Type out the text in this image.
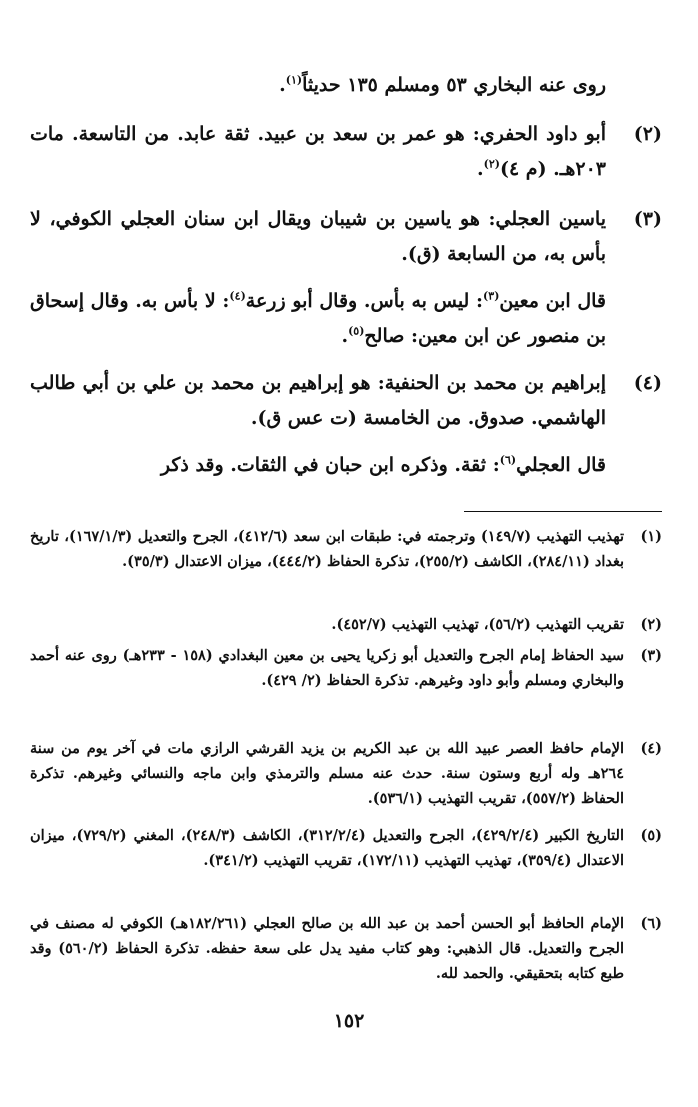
روى عنه البخاري ٥٣ ومسلم ١٣٥ حديثاً$^{(١)}$.
(٢)
أبو داود الحفري: هو عمر بن سعد بن عبيد. ثقة عابد. من التاسعة. مات ٢٠٣هـ. (م ٤)$^{(٢)}$.
(٣)
ياسين العجلي: هو ياسين بن شيبان ويقال ابن سنان العجلي الكوفي، لا بأس به، من السابعة (ق).
قال ابن معين$^{(٣)}$: ليس به بأس. وقال أبو زرعة$^{(٤)}$: لا بأس به. وقال إسحاق بن منصور عن ابن معين: صالح$^{(٥)}$.
(٤)
إبراهيم بن محمد بن الحنفية: هو إبراهيم بن محمد بن علي بن أبي طالب الهاشمي. صدوق. من الخامسة (ت عس ق).
قال العجلي$^{(٦)}$: ثقة. وذكره ابن حبان في الثقات. وقد ذكر
(١)
تهذيب التهذيب (١٤٩/٧) وترجمته في: طبقات ابن سعد (٤١٢/٦)، الجرح والتعديل (١٦٧/١/٣)، تاريخ بغداد (٢٨٤/١١)، الكاشف (٢٥٥/٢)، تذكرة الحفاظ (٤٤٤/٢)، ميزان الاعتدال (٣٥/٣).
(٢)
تقريب التهذيب (٥٦/٢)، تهذيب التهذيب (٤٥٢/٧).
(٣)
سيد الحفاظ إمام الجرح والتعديل أبو زكريا يحيى بن معين البغدادي (١٥٨ - ٢٣٣هـ) روى عنه أحمد والبخاري ومسلم وأبو داود وغيرهم. تذكرة الحفاظ (٢/ ٤٢٩).
(٤)
الإمام حافظ العصر عبيد الله بن عبد الكريم بن يزيد القرشي الرازي مات في آخر يوم من سنة ٢٦٤هـ وله أربع وستون سنة. حدث عنه مسلم والترمذي وابن ماجه والنسائي وغيرهم. تذكرة الحفاظ (٥٥٧/٢)، تقريب التهذيب (٥٣٦/١).
(٥)
التاريخ الكبير (٤٢٩/٢/٤)، الجرح والتعديل (٣١٢/٢/٤)، الكاشف (٢٤٨/٣)، المغني (٧٢٩/٢)، ميزان الاعتدال (٣٥٩/٤)، تهذيب التهذيب (١٧٢/١١)، تقريب التهذيب (٣٤١/٢).
(٦)
الإمام الحافظ أبو الحسن أحمد بن عبد الله بن صالح العجلي (١٨٢/٢٦١هـ) الكوفي له مصنف في الجرح والتعديل. قال الذهبي: وهو كتاب مفيد يدل على سعة حفظه. تذكرة الحفاظ (٥٦٠/٢) وقد طبع كتابه بتحقيقي. والحمد لله.
١٥٢
